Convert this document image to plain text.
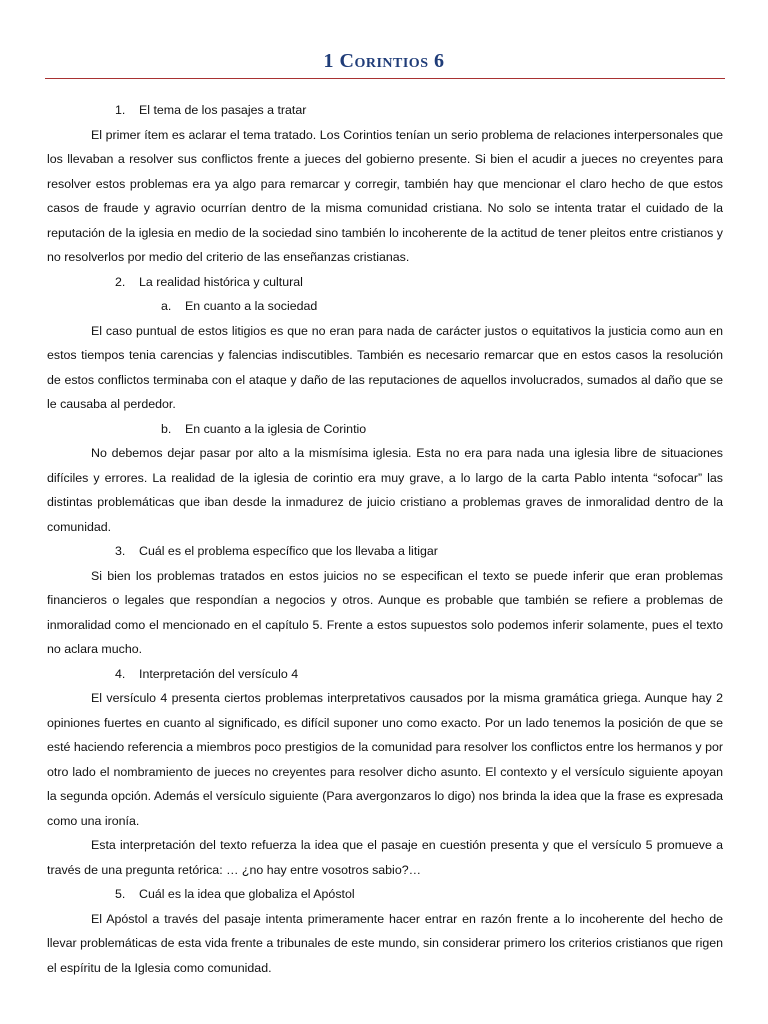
1 Corintios 6
1. El tema de los pasajes a tratar

El primer ítem es aclarar el tema tratado. Los Corintios tenían un serio problema de relaciones interpersonales que los llevaban a resolver sus conflictos frente a jueces del gobierno presente. Si bien el acudir a jueces no creyentes para resolver estos problemas era ya algo para remarcar y corregir, también hay que mencionar el claro hecho de que estos casos de fraude y agravio ocurrían dentro de la misma comunidad cristiana. No solo se intenta tratar el cuidado de la reputación de la iglesia en medio de la sociedad sino también lo incoherente de la actitud de tener pleitos entre cristianos y no resolverlos por medio del criterio de las enseñanzas cristianas.

2. La realidad histórica y cultural
a. En cuanto a la sociedad

El caso puntual de estos litigios es que no eran para nada de carácter justos o equitativos la justicia como aun en estos tiempos tenia carencias y falencias indiscutibles. También es necesario remarcar que en estos casos la resolución de estos conflictos terminaba con el ataque y daño de las reputaciones de aquellos involucrados, sumados al daño que se le causaba al perdedor.

b. En cuanto a la iglesia de Corintio

No debemos dejar pasar por alto a la mismísima iglesia. Esta no era para nada una iglesia libre de situaciones difíciles y errores. La realidad de la iglesia de corintio era muy grave, a lo largo de la carta Pablo intenta “sofocar” las distintas problemáticas que iban desde la inmadurez de juicio cristiano a problemas graves de inmoralidad dentro de la comunidad.

3. Cuál es el problema específico que los llevaba a litigar

Si bien los problemas tratados en estos juicios no se especifican el texto se puede inferir que eran problemas financieros o legales que respondían a negocios y otros. Aunque es probable que también se refiere a problemas de inmoralidad como el mencionado en el capítulo 5. Frente a estos supuestos solo podemos inferir solamente, pues el texto no aclara mucho.

4. Interpretación del versículo 4

El versículo 4 presenta ciertos problemas interpretativos causados por la misma gramática griega. Aunque hay 2 opiniones fuertes en cuanto al significado, es difícil suponer uno como exacto. Por un lado tenemos la posición de que se esté haciendo referencia a miembros poco prestigios de la comunidad para resolver los conflictos entre los hermanos y por otro lado el nombramiento de jueces no creyentes para resolver dicho asunto. El contexto y el versículo siguiente apoyan la segunda opción. Además el versículo siguiente (Para avergonzaros lo digo) nos brinda la idea que la frase es expresada como una ironía.

Esta interpretación del texto refuerza la idea que el pasaje en cuestión presenta y que el versículo 5 promueve a través de una pregunta retórica: … ¿no hay entre vosotros sabio?…

5. Cuál es la idea que globaliza el Apóstol

El Apóstol a través del pasaje intenta primeramente hacer entrar en razón frente a lo incoherente del hecho de llevar problemáticas de esta vida frente a tribunales de este mundo, sin considerar primero los criterios cristianos que rigen el espíritu de la Iglesia como comunidad.
